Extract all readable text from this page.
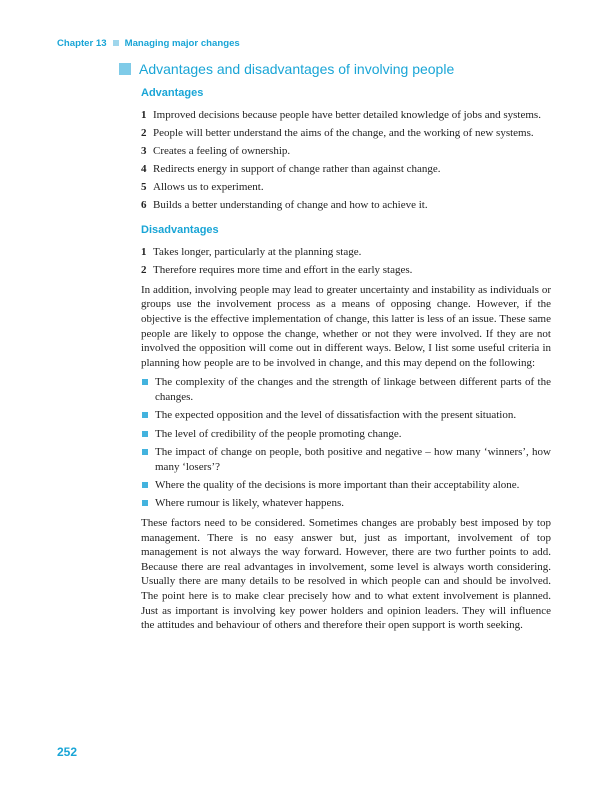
Chapter 13 Managing major changes
Advantages and disadvantages of involving people
Advantages
1 Improved decisions because people have better detailed knowledge of jobs and systems.
2 People will better understand the aims of the change, and the working of new systems.
3 Creates a feeling of ownership.
4 Redirects energy in support of change rather than against change.
5 Allows us to experiment.
6 Builds a better understanding of change and how to achieve it.
Disadvantages
1 Takes longer, particularly at the planning stage.
2 Therefore requires more time and effort in the early stages.

In addition, involving people may lead to greater uncertainty and instability as individuals or groups use the involvement process as a means of opposing change. However, if the objective is the effective implementation of change, this latter is less of an issue. These same people are likely to oppose the change, whether or not they were involved. If they are not involved the opposition will come out in different ways. Below, I list some useful criteria in planning how people are to be involved in change, and this may depend on the following:

The complexity of the changes and the strength of linkage between different parts of the changes.
The expected opposition and the level of dissatisfaction with the present situation.
The level of credibility of the people promoting change.
The impact of change on people, both positive and negative – how many ‘winners’, how many ‘losers’?
Where the quality of the decisions is more important than their acceptability alone.
Where rumour is likely, whatever happens.

These factors need to be considered. Sometimes changes are probably best imposed by top management. There is no easy answer but, just as important, involvement of top management is not always the way forward. However, there are two further points to add. Because there are real advantages in involvement, some level is always worth considering. Usually there are many details to be resolved in which people can and should be involved. The point here is to make clear precisely how and to what extent involvement is planned. Just as important is involving key power holders and opinion leaders. They will influence the attitudes and behaviour of others and therefore their open support is worth seeking.

252
